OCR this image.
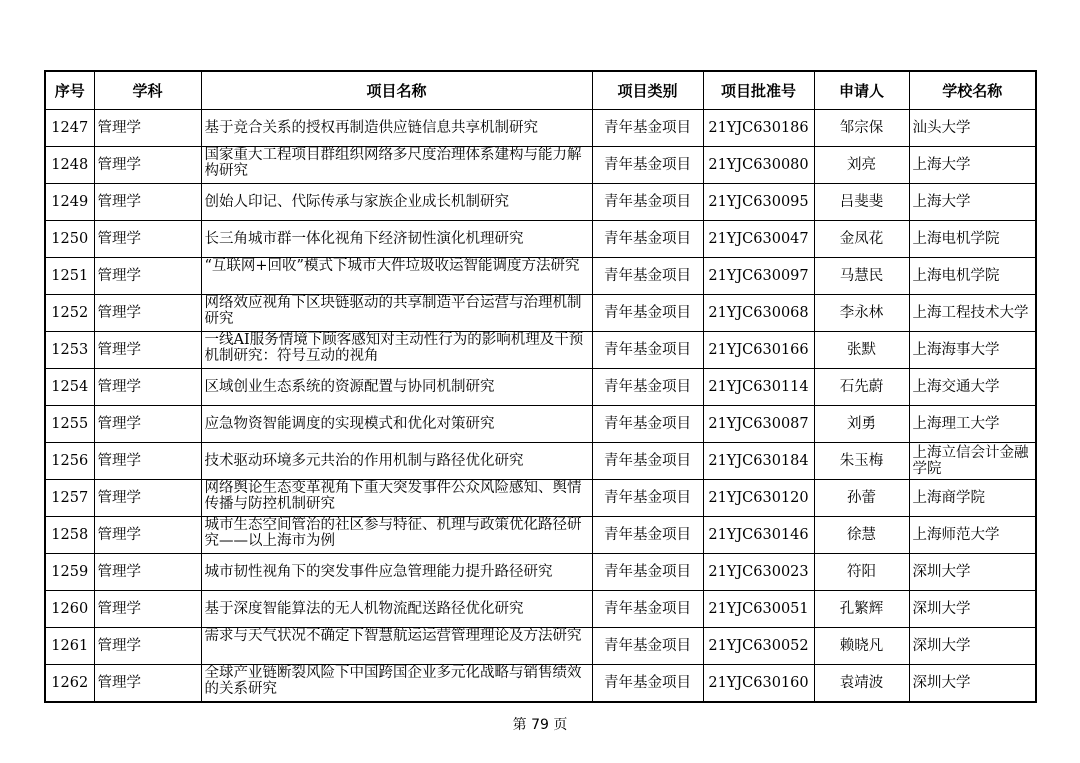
序号	学科	项目名称	项目类别	项目批准号	申请人	学校名称
1247	管理学	基于竞合关系的授权再制造供应链信息共享机制研究	青年基金项目	21YJC630186	邹宗保	汕头大学
1248	管理学	国家重大工程项目群组织网络多尺度治理体系建构与能力解构研究	青年基金项目	21YJC630080	刘亮	上海大学
1249	管理学	创始人印记、代际传承与家族企业成长机制研究	青年基金项目	21YJC630095	吕斐斐	上海大学
1250	管理学	长三角城市群一体化视角下经济韧性演化机理研究	青年基金项目	21YJC630047	金凤花	上海电机学院
1251	管理学	“互联网+回收”模式下城市大件垃圾收运智能调度方法研究	青年基金项目	21YJC630097	马慧民	上海电机学院
1252	管理学	网络效应视角下区块链驱动的共享制造平台运营与治理机制研究	青年基金项目	21YJC630068	李永林	上海工程技术大学
1253	管理学	一线AI服务情境下顾客感知对主动性行为的影响机理及干预机制研究：符号互动的视角	青年基金项目	21YJC630166	张默	上海海事大学
1254	管理学	区域创业生态系统的资源配置与协同机制研究	青年基金项目	21YJC630114	石先蔚	上海交通大学
1255	管理学	应急物资智能调度的实现模式和优化对策研究	青年基金项目	21YJC630087	刘勇	上海理工大学
1256	管理学	技术驱动环境多元共治的作用机制与路径优化研究	青年基金项目	21YJC630184	朱玉梅	上海立信会计金融学院
1257	管理学	网络舆论生态变革视角下重大突发事件公众风险感知、舆情传播与防控机制研究	青年基金项目	21YJC630120	孙蕾	上海商学院
1258	管理学	城市生态空间管治的社区参与特征、机理与政策优化路径研究——以上海市为例	青年基金项目	21YJC630146	徐慧	上海师范大学
1259	管理学	城市韧性视角下的突发事件应急管理能力提升路径研究	青年基金项目	21YJC630023	符阳	深圳大学
1260	管理学	基于深度智能算法的无人机物流配送路径优化研究	青年基金项目	21YJC630051	孔繁辉	深圳大学
1261	管理学	需求与天气状况不确定下智慧航运运营管理理论及方法研究	青年基金项目	21YJC630052	赖晓凡	深圳大学
1262	管理学	全球产业链断裂风险下中国跨国企业多元化战略与销售绩效的关系研究	青年基金项目	21YJC630160	袁靖波	深圳大学
第 79 页
